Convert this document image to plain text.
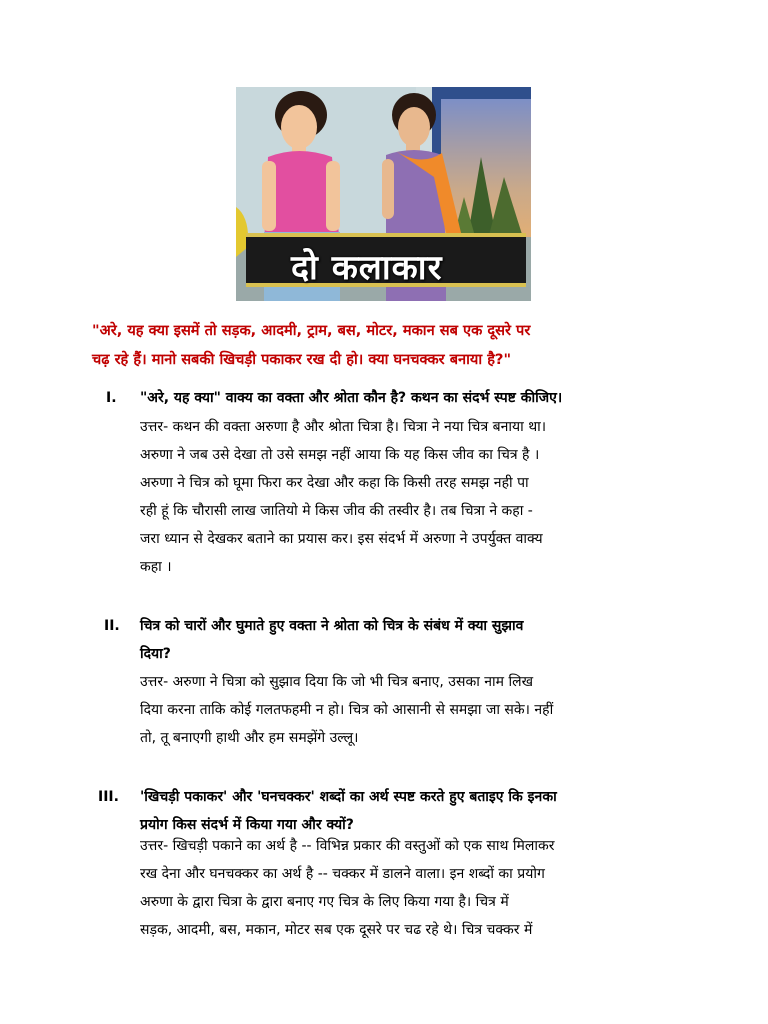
दो कलाकार
"अरे, यह क्या इसमें तो सड़क, आदमी, ट्राम, बस, मोटर, मकान सब एक दूसरे पर
चढ़ रहे हैं। मानो सबकी खिचड़ी पकाकर रख दी हो। क्या घनचक्कर बनाया है?"
I. "अरे, यह क्या" वाक्य का वक्ता और श्रोता कौन है? कथन का संदर्भ स्पष्ट कीजिए।
उत्तर- कथन की वक्ता अरुणा है और श्रोता चित्रा है। चित्रा ने नया चित्र बनाया था।
अरुणा ने जब उसे देखा तो उसे समझ नहीं आया कि यह किस जीव का चित्र है ।
अरुणा ने चित्र को घूमा फिरा कर देखा और कहा कि किसी तरह समझ नही पा
रही हूं कि चौरासी लाख जातियो मे किस जीव की तस्वीर है। तब चित्रा ने कहा -
जरा ध्यान से देखकर बताने का प्रयास कर। इस संदर्भ में अरुणा ने उपर्युक्त वाक्य
कहा ।
II. चित्र को चारों और घुमाते हुए वक्ता ने श्रोता को चित्र के संबंध में क्या सुझाव
दिया?
उत्तर- अरुणा ने चित्रा को सुझाव दिया कि जो भी चित्र बनाए, उसका नाम लिख
दिया करना ताकि कोई गलतफहमी न हो। चित्र को आसानी से समझा जा सके। नहीं
तो, तू बनाएगी हाथी और हम समझेंगे उल्लू।
III. 'खिचड़ी पकाकर' और 'घनचक्कर' शब्दों का अर्थ स्पष्ट करते हुए बताइए कि इनका
प्रयोग किस संदर्भ में किया गया और क्यों?
उत्तर- खिचड़ी पकाने का अर्थ है -- विभिन्न प्रकार की वस्तुओं को एक साथ मिलाकर
रख देना और घनचक्कर का अर्थ है -- चक्कर में डालने वाला। इन शब्दों का प्रयोग
अरुणा के द्वारा चित्रा के द्वारा बनाए गए चित्र के लिए किया गया है। चित्र में
सड़क, आदमी, बस, मकान, मोटर सब एक दूसरे पर चढ रहे थे। चित्र चक्कर में
